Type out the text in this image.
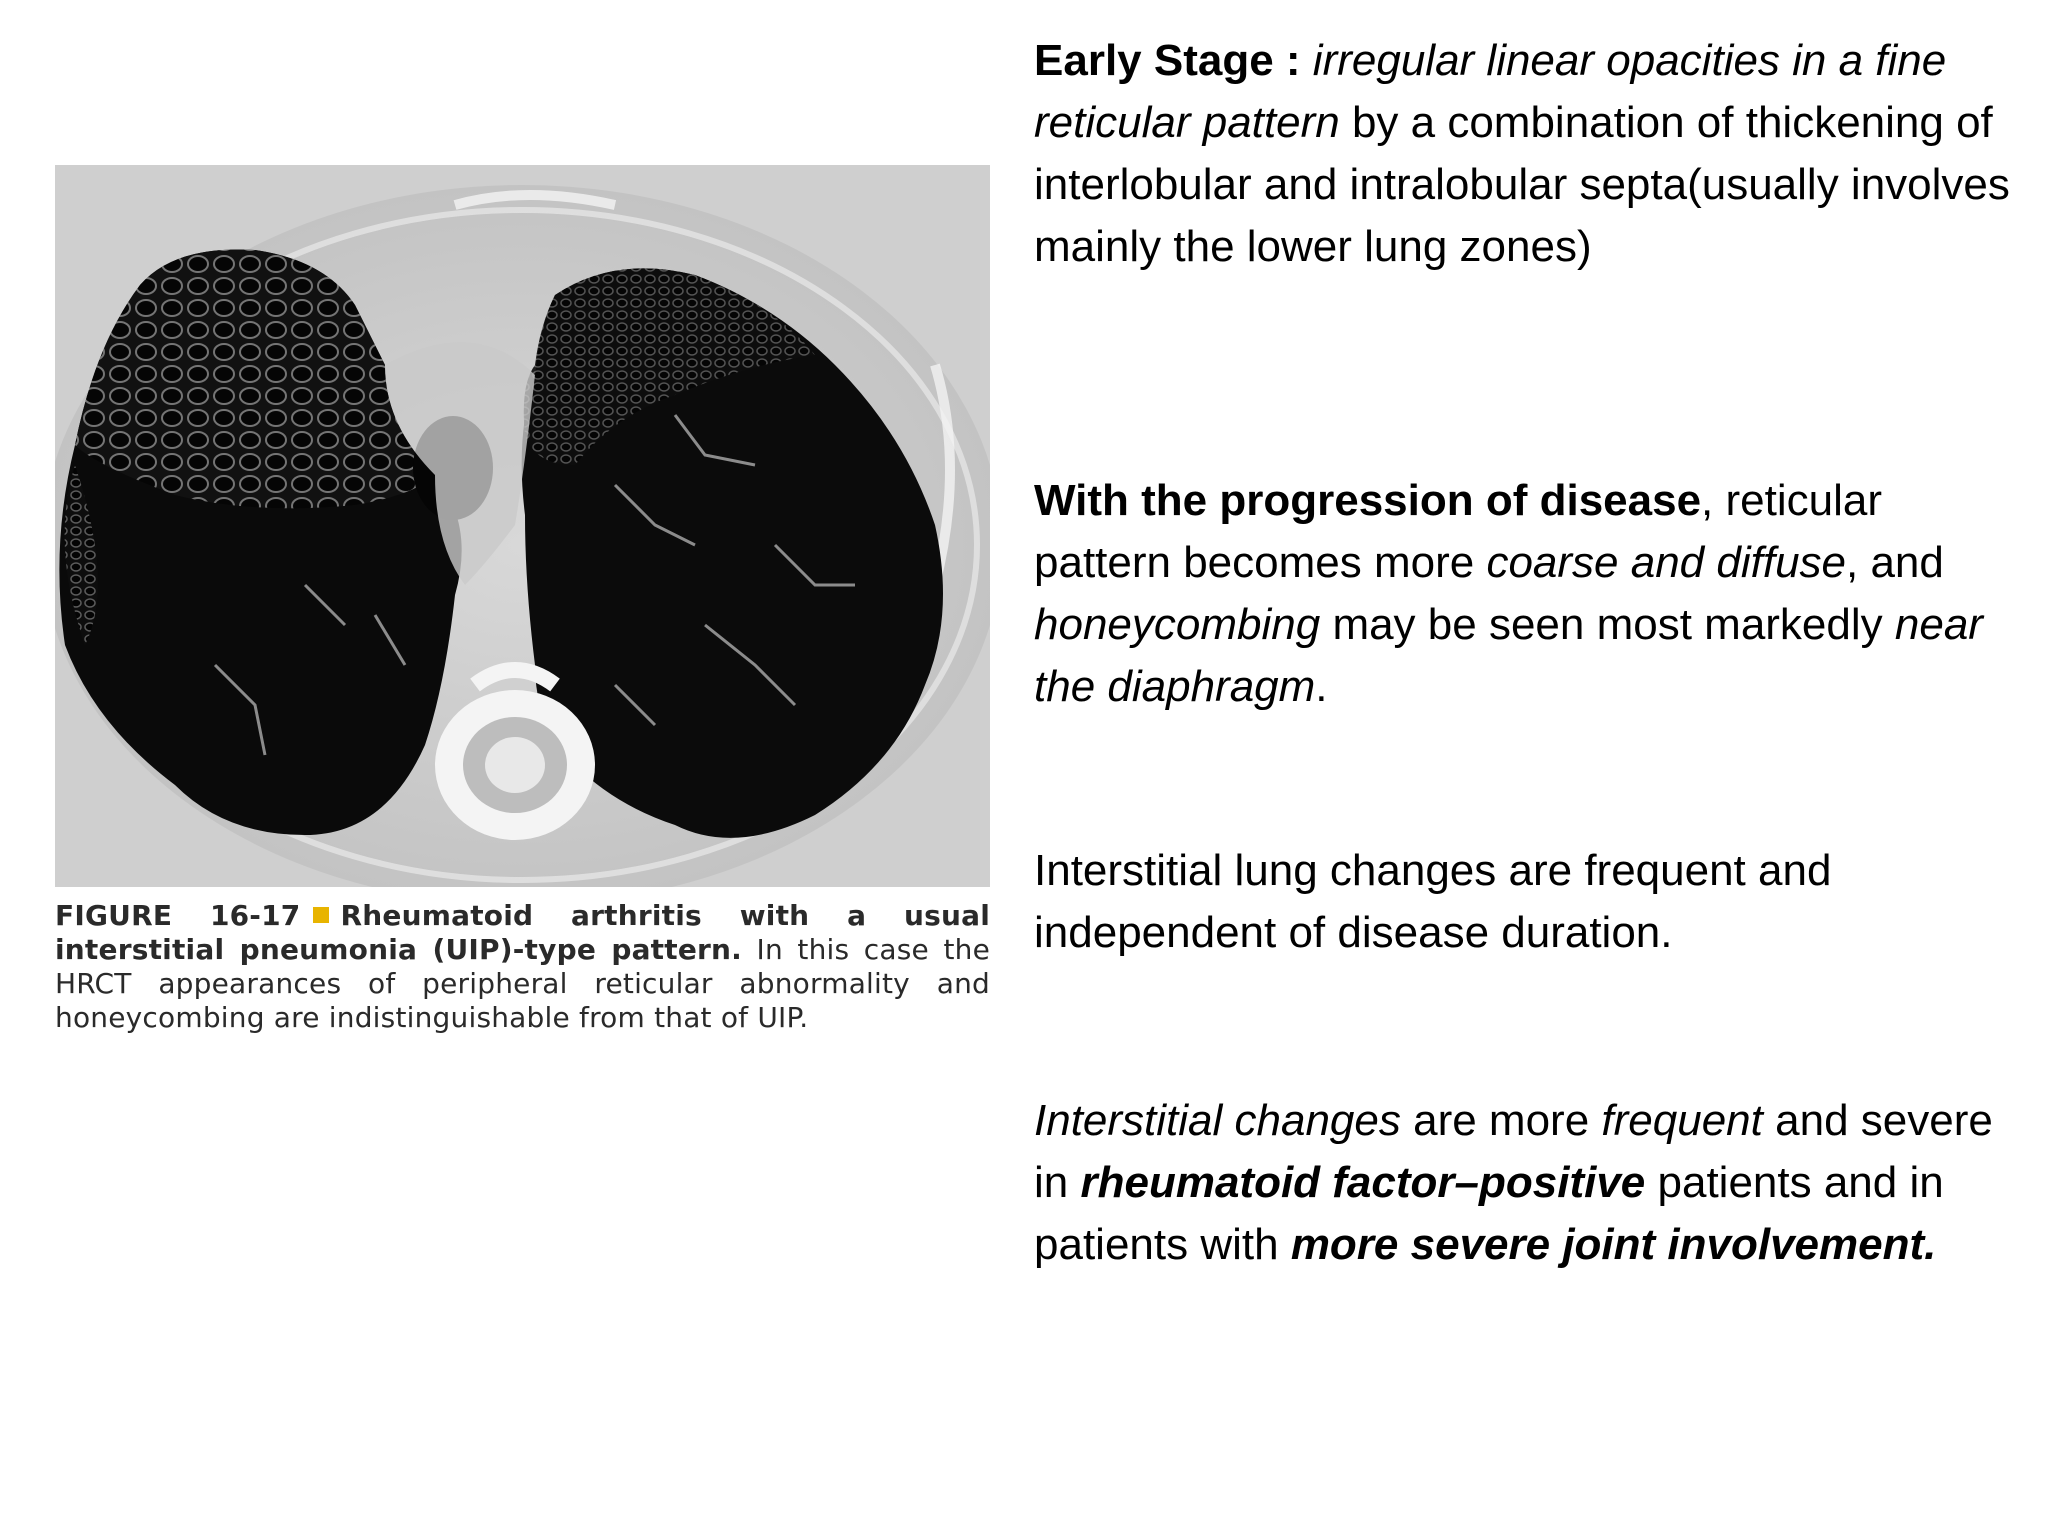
FIGURE 16-17 Rheumatoid arthritis with a usual interstitial pneumonia (UIP)-type pattern. In this case the HRCT appearances of peripheral reticular abnormality and honeycombing are indistinguishable from that of UIP.

Early Stage : irregular linear opacities in a fine reticular pattern by a combination of thickening of interlobular and intralobular septa(usually involves mainly the lower lung zones)

With the progression of disease, reticular pattern becomes more coarse and diffuse, and honeycombing may be seen most markedly near the diaphragm.

Interstitial lung changes are frequent and independent of disease duration.

Interstitial changes are more frequent and severe in rheumatoid factor–positive patients and in patients with more severe joint involvement.
